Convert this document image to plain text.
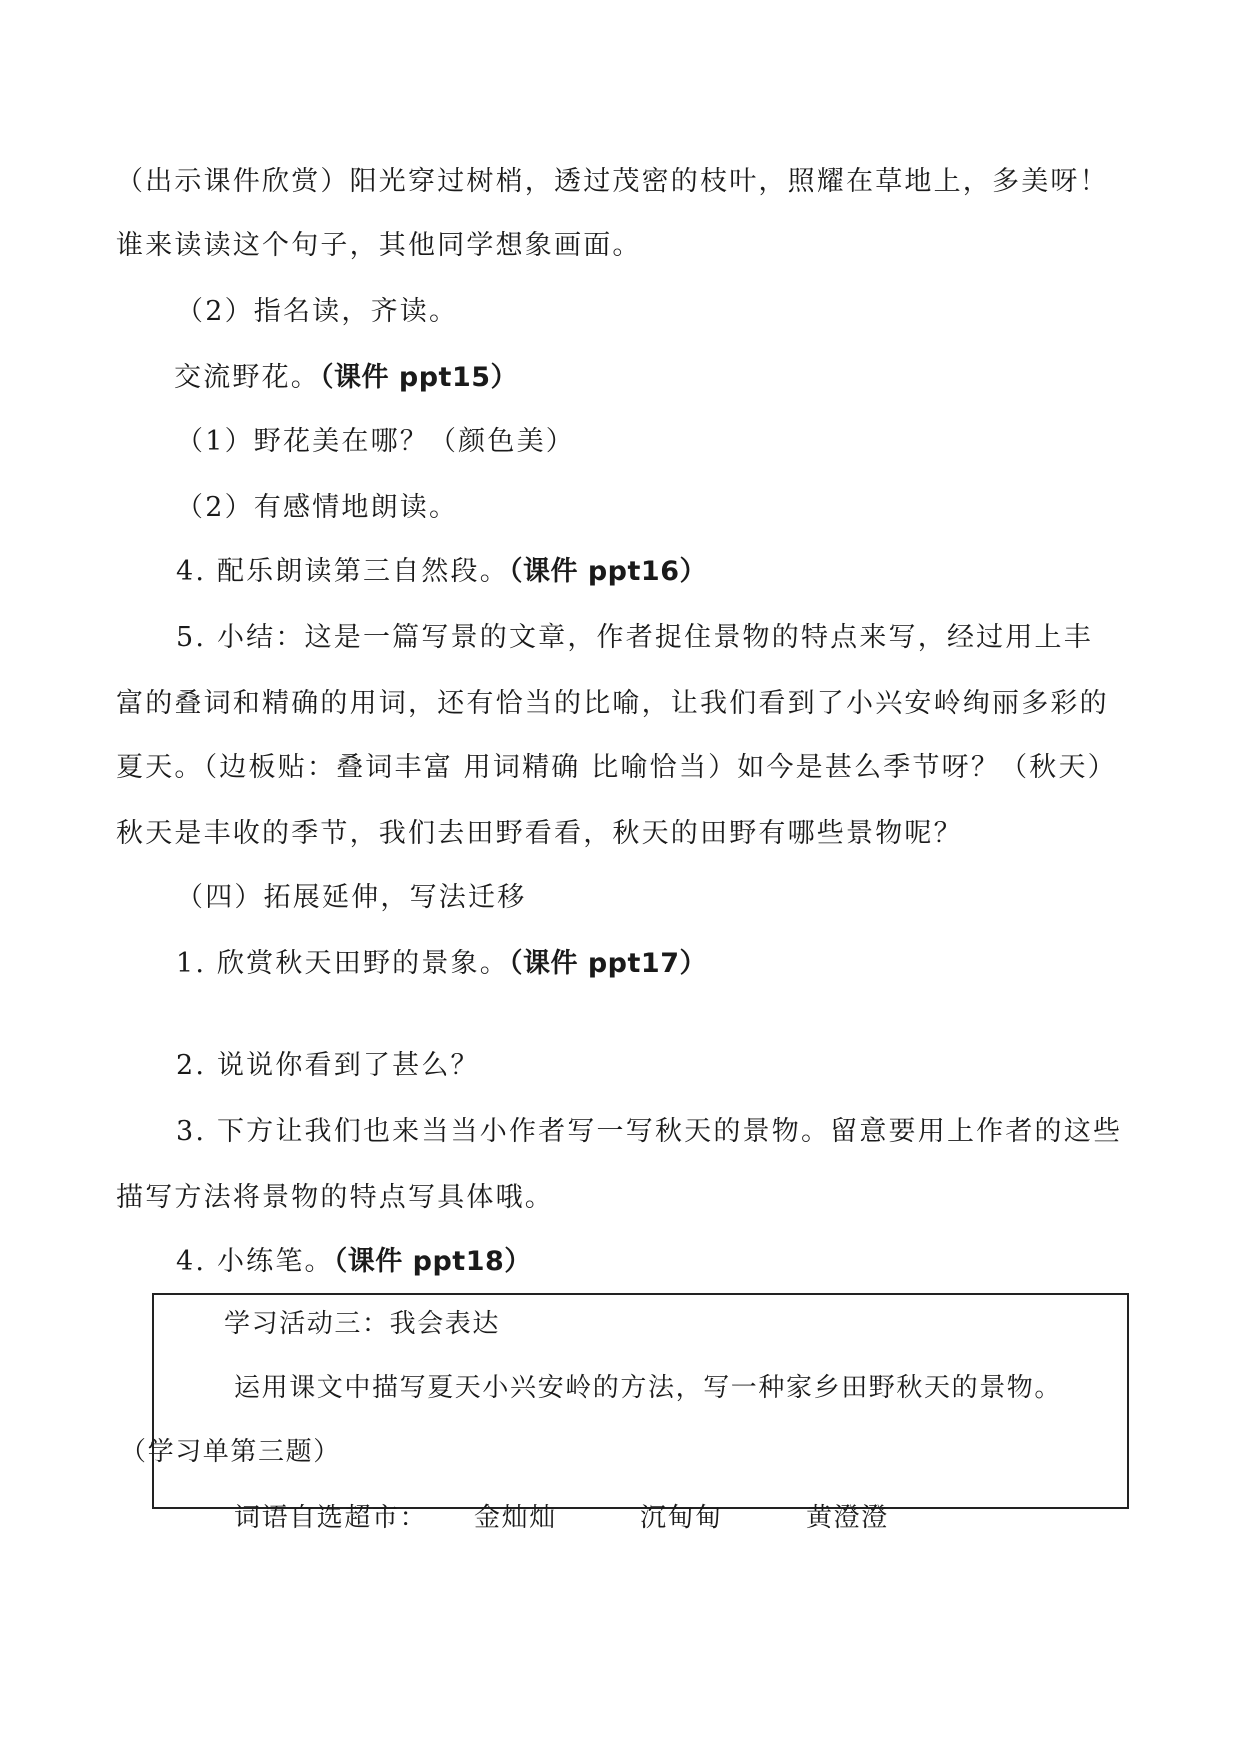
（出示课件欣赏）阳光穿过树梢，透过茂密的枝叶，照耀在草地上，多美呀！
谁来读读这个句子，其他同学想象画面。
（2）指名读，齐读。
交流野花。（课件 ppt15）
（1）野花美在哪？（颜色美）
（2）有感情地朗读。
4. 配乐朗读第三自然段。（课件 ppt16）
5. 小结：这是一篇写景的文章，作者捉住景物的特点来写，经过用上丰
富的叠词和精确的用词，还有恰当的比喻，让我们看到了小兴安岭绚丽多彩的
夏天。（边板贴：叠词丰富 用词精确 比喻恰当）如今是甚么季节呀？（秋天）
秋天是丰收的季节，我们去田野看看，秋天的田野有哪些景物呢？
（四）拓展延伸，写法迁移
1. 欣赏秋天田野的景象。（课件 ppt17）
2. 说说你看到了甚么？
3. 下方让我们也来当当小作者写一写秋天的景物。留意要用上作者的这些
描写方法将景物的特点写具体哦。
4. 小练笔。（课件 ppt18）
学习活动三：我会表达
运用课文中描写夏天小兴安岭的方法，写一种家乡田野秋天的景物。
（学习单第三题）
词语自选超市： 金灿灿	沉甸甸	黄澄澄
